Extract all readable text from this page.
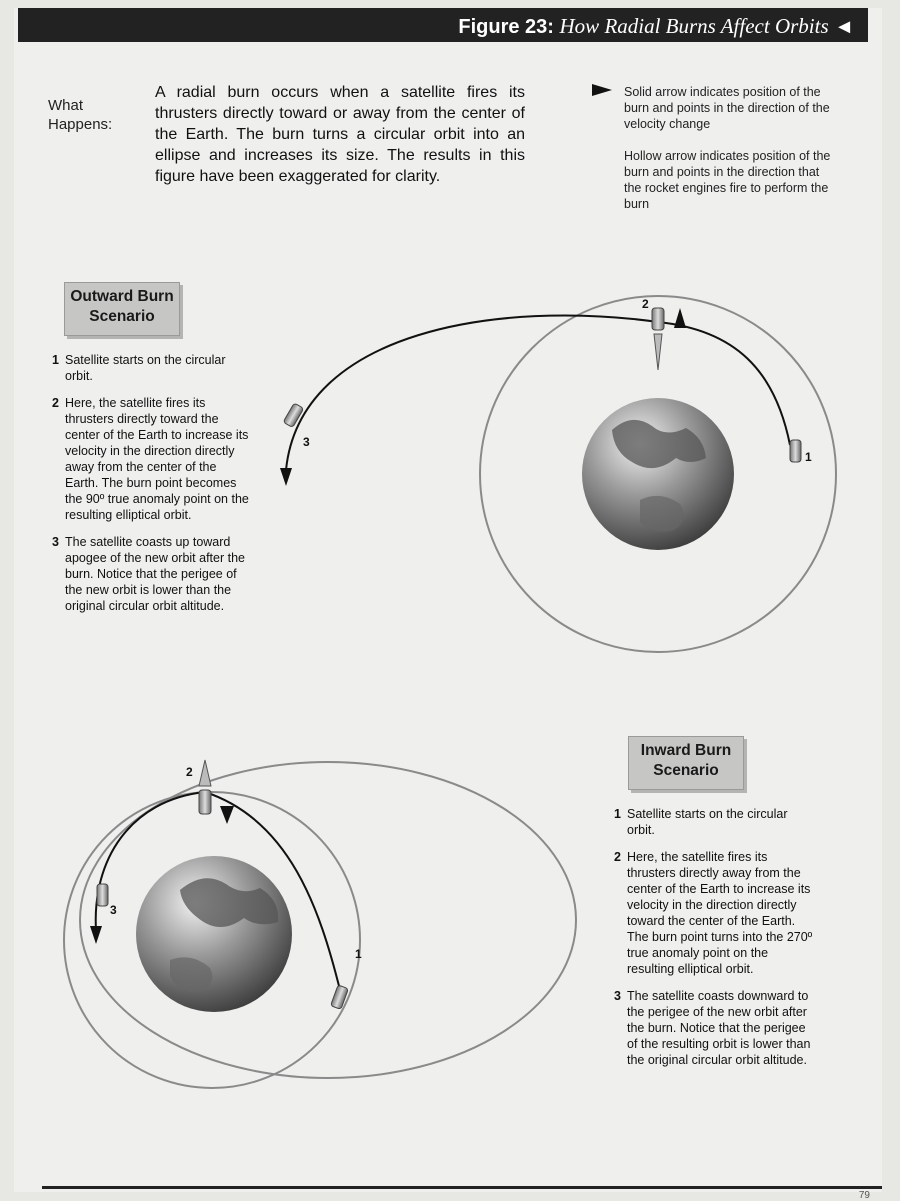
Figure 23: How Radial Burns Affect Orbits ◄
What Happens:
A radial burn occurs when a satellite fires its thrusters directly toward or away from the center of the Earth. The burn turns a circular orbit into an ellipse and increases its size. The results in this figure have been exaggerated for clarity.
Solid arrow indicates position of the burn and points in the direction of the velocity change
Hollow arrow indicates position of the burn and points in the direction that the rocket engines fire to perform the burn
Outward Burn Scenario
1 Satellite starts on the circular orbit.
2 Here, the satellite fires its thrusters directly toward the center of the Earth to increase its velocity in the direction directly away from the center of the Earth. The burn point becomes the 90º true anomaly point on the resulting elliptical orbit.
3 The satellite coasts up toward apogee of the new orbit after the burn. Notice that the perigee of the new orbit is lower than the original circular orbit altitude.
2
1
3
2
1
3
Inward Burn Scenario
1 Satellite starts on the circular orbit.
2 Here, the satellite fires its thrusters directly away from the center of the Earth to increase its velocity in the direction directly toward the center of the Earth. The burn point turns into the 270º true anomaly point on the resulting elliptical orbit.
3 The satellite coasts downward to the perigee of the new orbit after the burn. Notice that the perigee of the resulting orbit is lower than the original circular orbit altitude.
79
